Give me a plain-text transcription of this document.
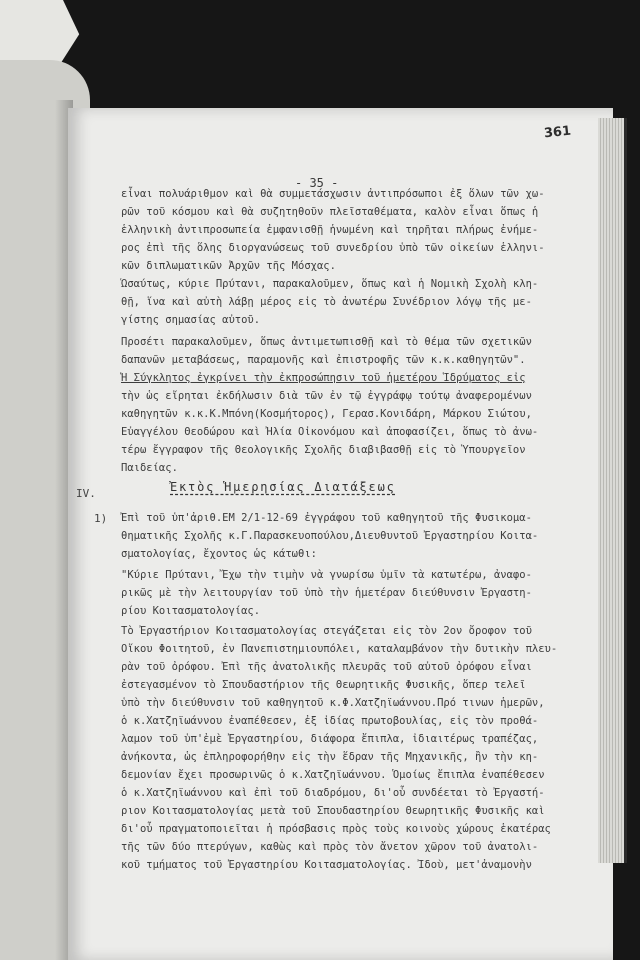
361
- 35 -
εἶναι πολυάριθμον καὶ θὰ συμμετάσχωσιν ἀντιπρόσωποι ἐξ ὅλων τῶν χω-
ρῶν τοῦ κόσμου καὶ θὰ συζητηθοῦν πλεῖσταθέματα, καλὸν εἶναι ὅπως ἡ
ἑλληνικὴ ἀντιπροσωπεία ἐμφανισθῇ ἡνωμένη καὶ τηρῆται πλήρως ἐνήμε-
ρος ἐπὶ τῆς ὅλης διοργανώσεως τοῦ συνεδρίου ὑπὸ τῶν οἰκείων ἑλληνι-
κῶν διπλωματικῶν Ἀρχῶν τῆς Μόσχας.
Ὡσαύτως, κύριε Πρύτανι, παρακαλοῦμεν, ὅπως καὶ ἡ Νομικὴ Σχολὴ κλη-
θῇ, ἵνα καὶ αὐτὴ λάβῃ μέρος εἰς τὸ ἀνωτέρω Συνέδριον λόγῳ τῆς με-
γίστης σημασίας αὐτοῦ.
Προσέτι παρακαλοῦμεν, ὅπως ἀντιμετωπισθῇ καὶ τὸ θέμα τῶν σχετικῶν
δαπανῶν μεταβάσεως, παραμονῆς καὶ ἐπιστροφῆς τῶν κ.κ.καθηγητῶν".
Ἡ Σύγκλητος ἐγκρίνει τὴν ἐκπροσώπησιν τοῦ ἡμετέρου Ἱδρύματος εἰς
τὴν ὡς εἴρηται ἐκδήλωσιν διὰ τῶν ἐν τῷ ἐγγράφῳ τούτῳ ἀναφερομένων
καθηγητῶν κ.κ.Κ.Μπόνη(Κοσμήτορος), Γερασ.Κονιδάρη, Μάρκου Σιώτου,
Εὐαγγέλου Θεοδώρου καὶ Ἠλία Οἰκονόμου καὶ ἀποφασίζει, ὅπως τὸ ἀνω-
τέρω ἔγγραφον τῆς Θεολογικῆς Σχολῆς διαβιβασθῇ εἰς τὸ Ὑπουργεῖον
Παιδείας.
IV.	Ἐκτὸς Ἡμερησίας Διατάξεως
1) Ἐπὶ τοῦ ὑπ'ἀριθ.ΕΜ 2/1-12-69 ἐγγράφου τοῦ καθηγητοῦ τῆς Φυσικομα-
θηματικῆς Σχολῆς κ.Γ.Παρασκευοπούλου,Διευθυντοῦ Ἐργαστηρίου Κοιτα-
σματολογίας, ἔχοντος ὡς κάτωθι:
"Κύριε Πρύτανι, Ἔχω τὴν τιμὴν νὰ γνωρίσω ὑμῖν τὰ κατωτέρω, ἀναφο-
ρικῶς μὲ τὴν λειτουργίαν τοῦ ὑπὸ τὴν ἡμετέραν διεύθυνσιν Ἐργαστη-
ρίου Κοιτασματολογίας.
Τὸ Ἐργαστήριον Κοιτασματολογίας στεγάζεται εἰς τὸν 2ον ὄροφον τοῦ
Οἴκου Φοιτητοῦ, ἐν Πανεπιστημιουπόλει, καταλαμβάνον τὴν δυτικὴν πλευ-
ρὰν τοῦ ὀρόφου. Ἐπὶ τῆς ἀνατολικῆς πλευρᾶς τοῦ αὐτοῦ ὀρόφου εἶναι
ἐστεγασμένον τὸ Σπουδαστήριον τῆς Θεωρητικῆς Φυσικῆς, ὅπερ τελεῖ
ὑπὸ τὴν διεύθυνσιν τοῦ καθηγητοῦ κ.Φ.Χατζηϊωάννου.Πρό τινων ἡμερῶν,
ὁ κ.Χατζηϊωάννου ἐναπέθεσεν, ἐξ ἰδίας πρωτοβουλίας, εἰς τὸν προθά-
λαμον τοῦ ὑπ'ἐμὲ Ἐργαστηρίου, διάφορα ἔπιπλα, ἰδιαιτέρως τραπέζας,
ἀνήκοντα, ὡς ἐπληροφορήθην εἰς τὴν ἕδραν τῆς Μηχανικῆς, ἢν τὴν κη-
δεμονίαν ἔχει προσωρινῶς ὁ κ.Χατζηϊωάννου. Ὁμοίως ἔπιπλα ἐναπέθεσεν
ὁ κ.Χατζηϊωάννου καὶ ἐπὶ τοῦ διαδρόμου, δι'οὗ συνδέεται τὸ Ἐργαστή-
ριον Κοιτασματολογίας μετὰ τοῦ Σπουδαστηρίου Θεωρητικῆς Φυσικῆς καὶ
δι'οὗ πραγματοποιεῖται ἡ πρόσβασις πρὸς τοὺς κοινοὺς χώρους ἑκατέρας
τῆς τῶν δύο πτερύγων, καθὼς καὶ πρὸς τὸν ἄνετον χῶρον τοῦ ἀνατολι-
κοῦ τμήματος τοῦ Ἐργαστηρίου Κοιτασματολογίας. Ἰδοὺ, μετ'ἀναμονὴν
